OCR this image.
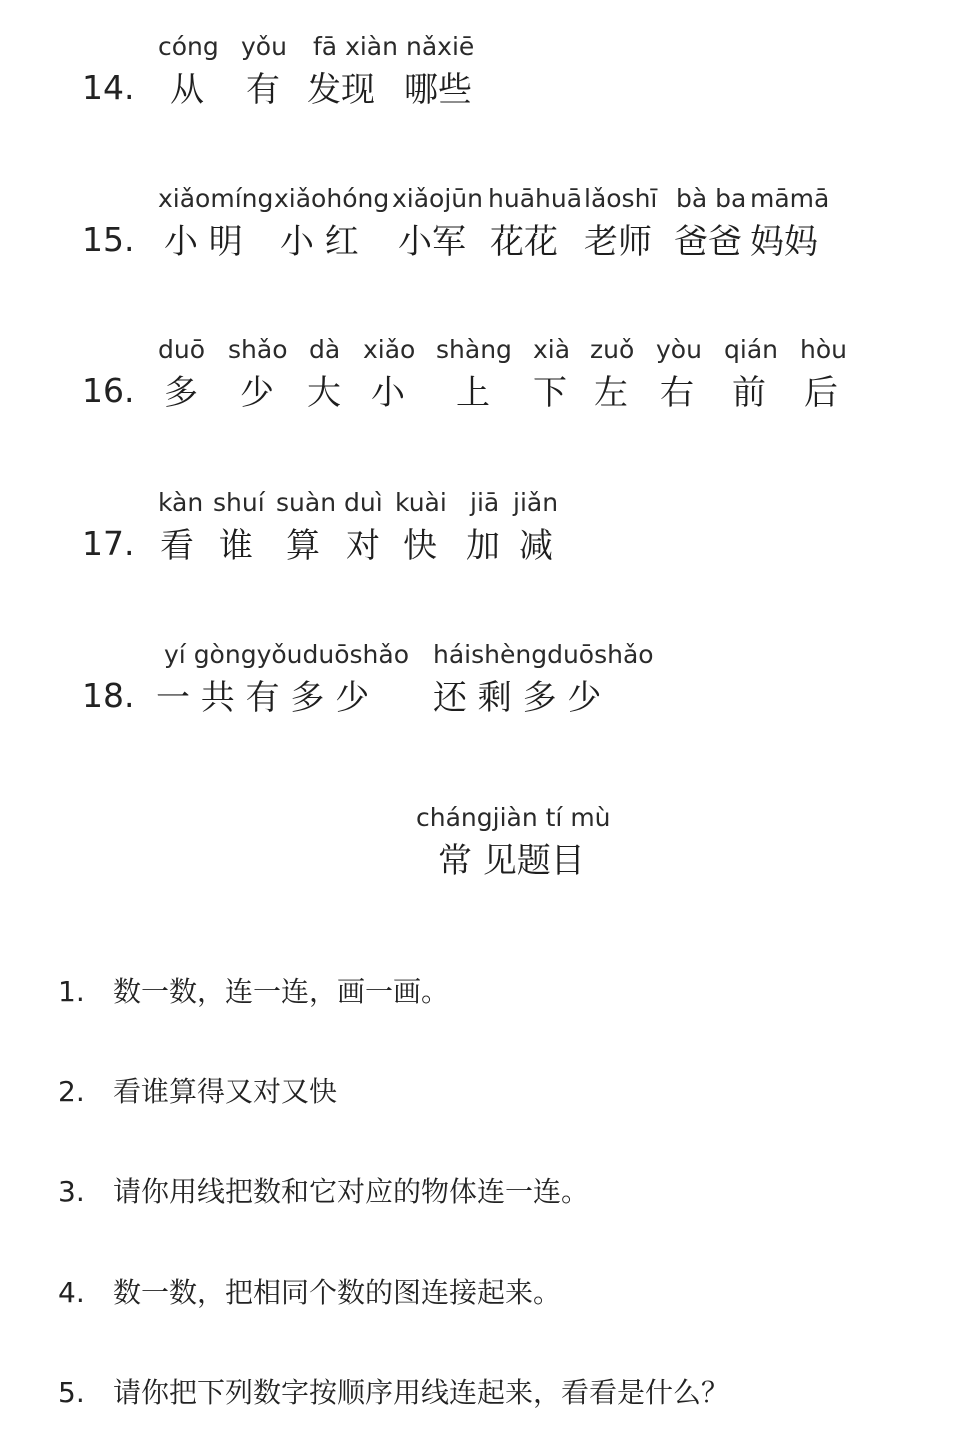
14.
cóng
从
yǒu
有
fā xiàn
发现
nǎxiē
哪些
15.
xiǎomíng
小 明
xiǎohóng
小 红
xiǎojūn
小军
huāhuā
花花
lǎoshī
老师
bà ba
爸爸
māmā
妈妈
16.
duō
多
shǎo
少
dà
大
xiǎo
小
shàng
上
xià
下
zuǒ
左
yòu
右
qián
前
hòu
后
17.
kàn
看
shuí
谁
suàn
算
duì
对
kuài
快
jiā
加
jiǎn
减
18.
yí gòngyǒuduōshǎo
一 共 有 多 少
háishèngduōshǎo
还 剩 多 少
chángjiàn tí mù
常 见题目
1. 数一数，连一连，画一画。
2. 看谁算得又对又快
3. 请你用线把数和它对应的物体连一连。
4. 数一数，把相同个数的图连接起来。
5. 请你把下列数字按顺序用线连起来，看看是什么？
